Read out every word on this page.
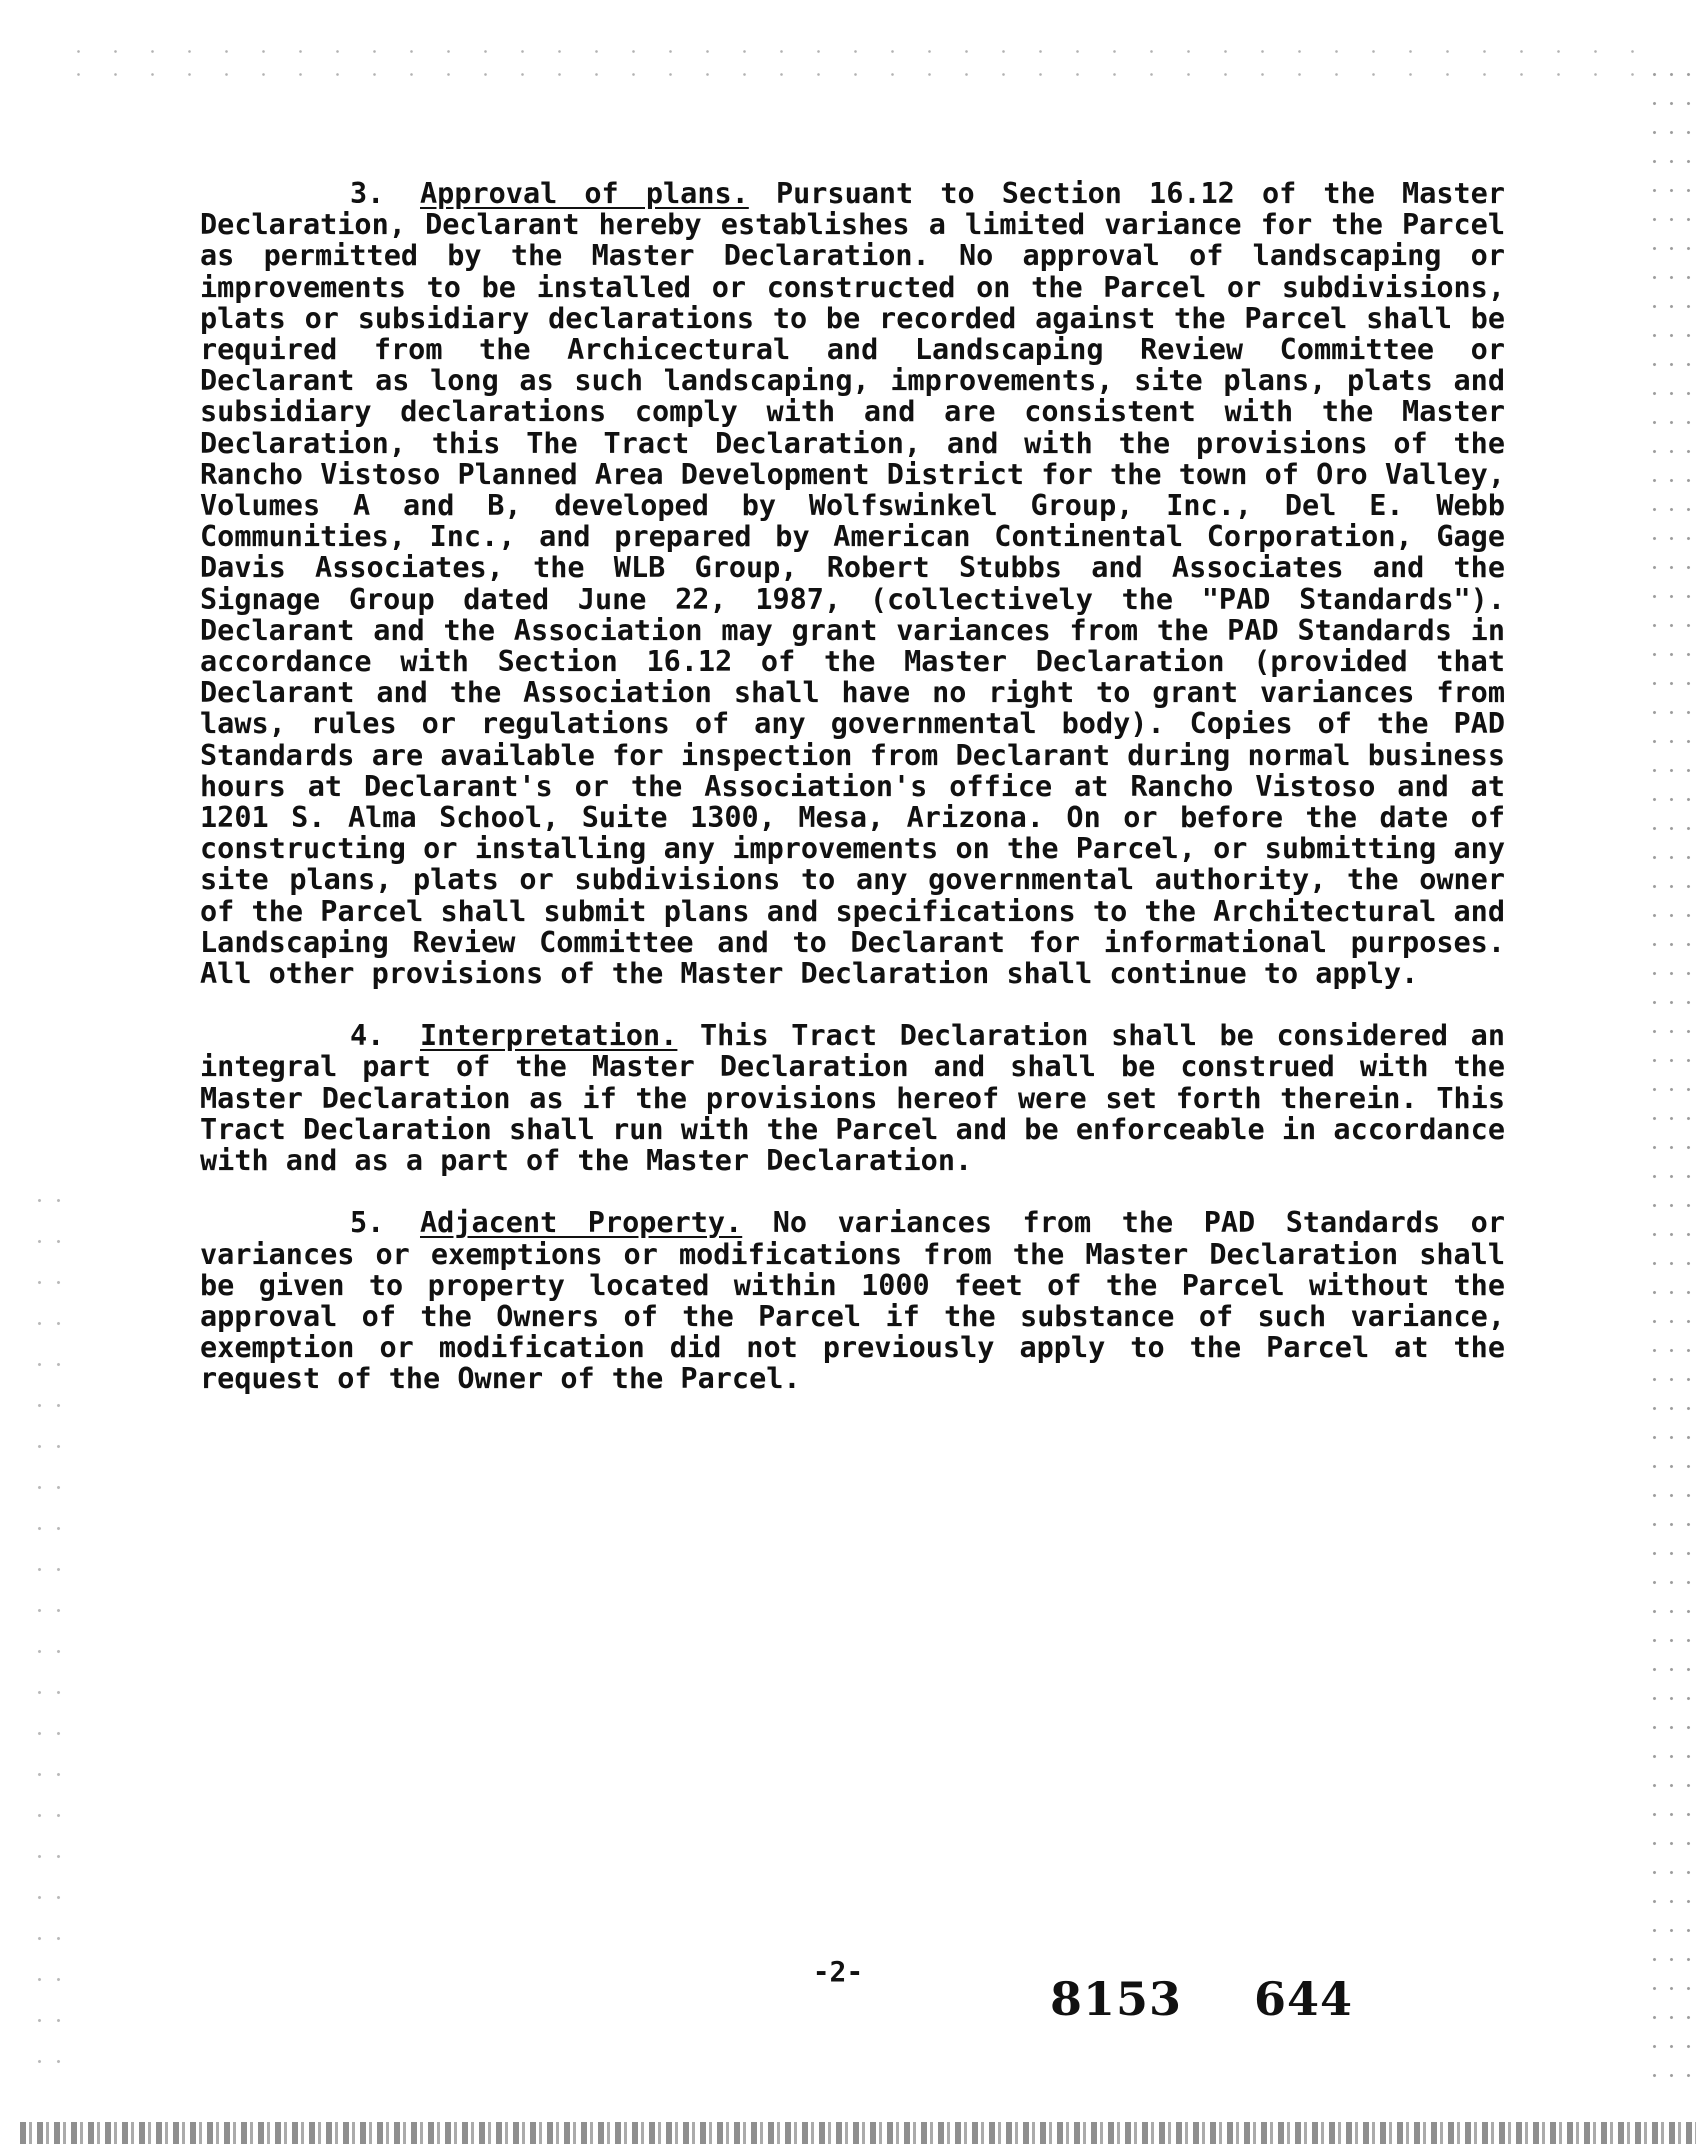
3. Approval of plans. Pursuant to Section 16.12 of the Master Declaration, Declarant hereby establishes a limited variance for the Parcel as permitted by the Master Declaration. No approval of landscaping or improvements to be installed or constructed on the Parcel or subdivisions, plats or subsidiary declarations to be recorded against the Parcel shall be required from the Archicectural and Landscaping Review Committee or Declarant as long as such landscaping, improvements, site plans, plats and subsidiary declarations comply with and are consistent with the Master Declaration, this The Tract Declaration, and with the provisions of the Rancho Vistoso Planned Area Development District for the town of Oro Valley, Volumes A and B, developed by Wolfswinkel Group, Inc., Del E. Webb Communities, Inc., and prepared by American Continental Corporation, Gage Davis Associates, the WLB Group, Robert Stubbs and Associates and the Signage Group dated June 22, 1987, (collectively the "PAD Standards"). Declarant and the Association may grant variances from the PAD Standards in accordance with Section 16.12 of the Master Declaration (provided that Declarant and the Association shall have no right to grant variances from laws, rules or regulations of any governmental body). Copies of the PAD Standards are available for inspection from Declarant during normal business hours at Declarant's or the Association's office at Rancho Vistoso and at 1201 S. Alma School, Suite 1300, Mesa, Arizona. On or before the date of constructing or installing any improvements on the Parcel, or submitting any site plans, plats or subdivisions to any governmental authority, the owner of the Parcel shall submit plans and specifications to the Architectural and Landscaping Review Committee and to Declarant for informational purposes. All other provisions of the Master Declaration shall continue to apply.

4. Interpretation. This Tract Declaration shall be considered an integral part of the Master Declaration and shall be construed with the Master Declaration as if the provisions hereof were set forth therein. This Tract Declaration shall run with the Parcel and be enforceable in accordance with and as a part of the Master Declaration.

5. Adjacent Property. No variances from the PAD Standards or variances or exemptions or modifications from the Master Declaration shall be given to property located within 1000 feet of the Parcel without the approval of the Owners of the Parcel if the substance of such variance, exemption or modification did not previously apply to the Parcel at the request of the Owner of the Parcel.

-2-
8153 644
